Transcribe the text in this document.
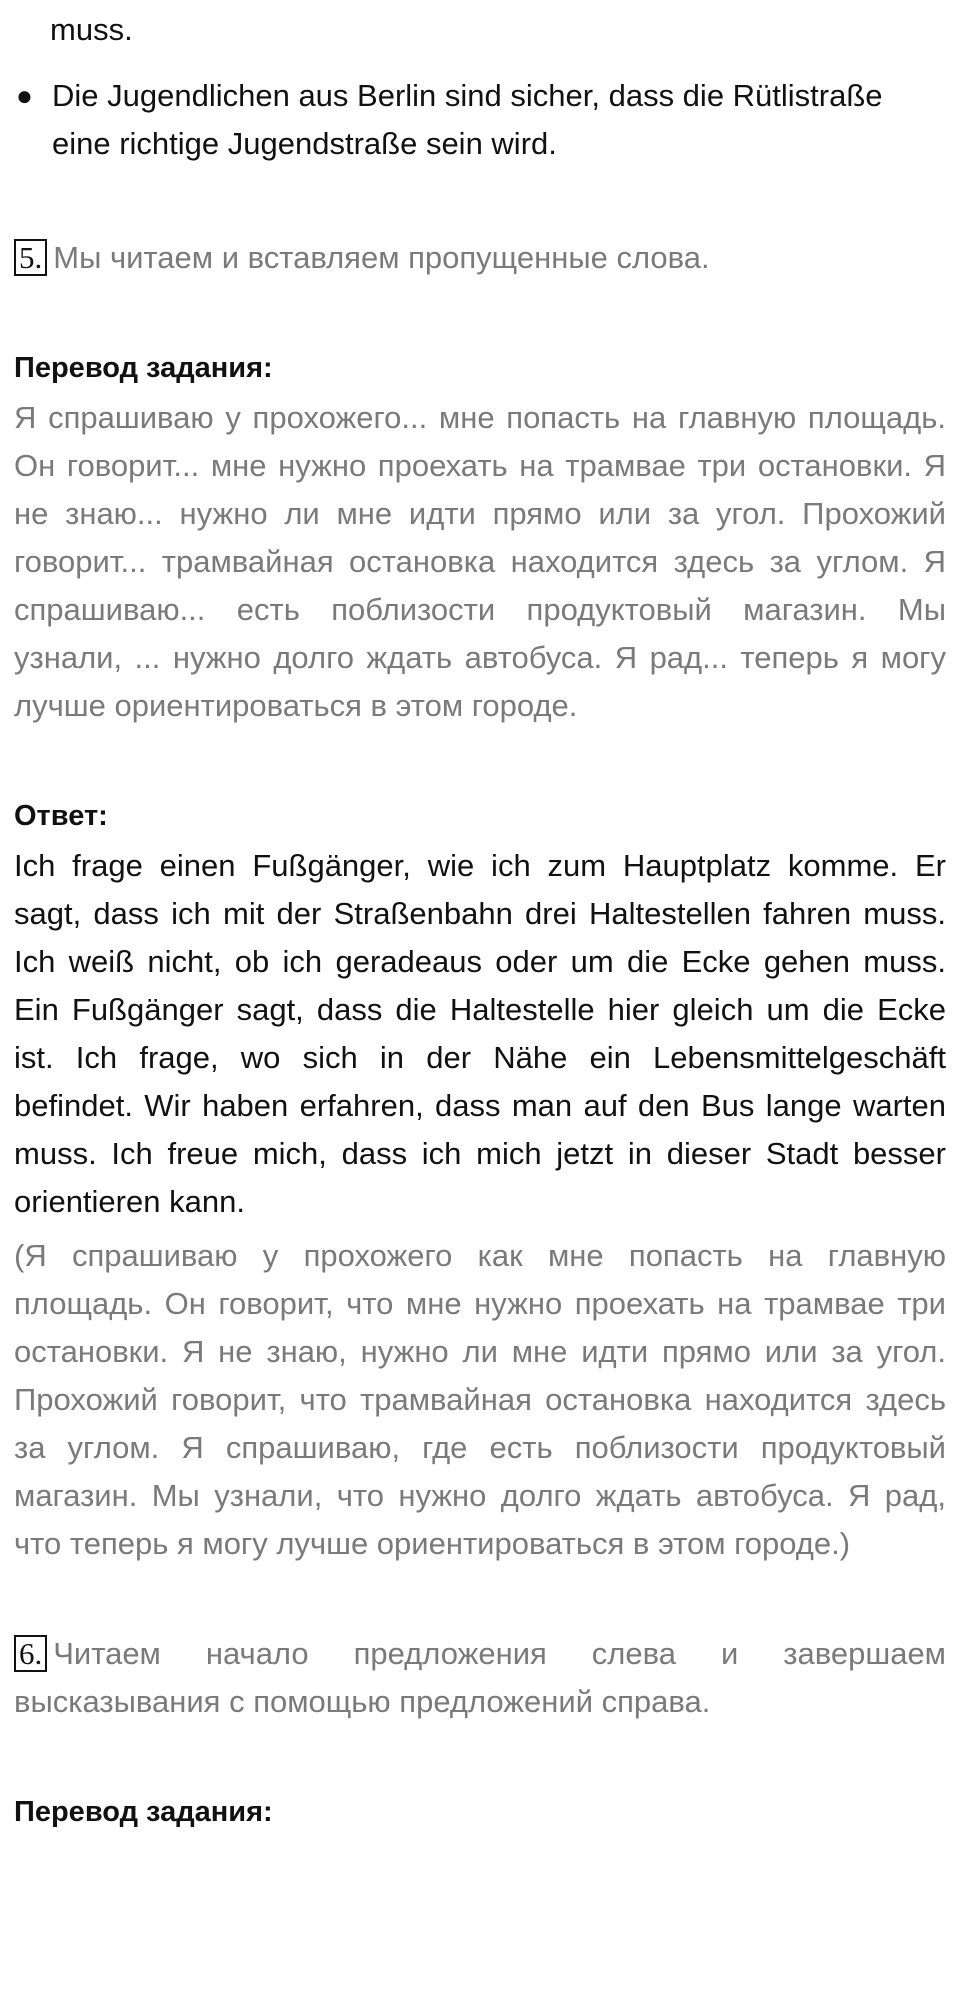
muss.

● Die Jugendlichen aus Berlin sind sicher, dass die Rütlistraße
eine richtige Jugendstraße sein wird.

5. Мы читаем и вставляем пропущенные слова.

Перевод задания:

Я спрашиваю у прохожего... мне попасть на главную площадь. Он говорит... мне нужно проехать на трамвае три остановки. Я не знаю... нужно ли мне идти прямо или за угол. Прохожий говорит... трамвайная остановка находится здесь за углом. Я спрашиваю... есть поблизости продуктовый магазин. Мы узнали, ... нужно долго ждать автобуса. Я рад... теперь я могу лучше ориентироваться в этом городе.

Ответ:

Ich frage einen Fußgänger, wie ich zum Hauptplatz komme. Er sagt, dass ich mit der Straßenbahn drei Haltestellen fahren muss. Ich weiß nicht, ob ich geradeaus oder um die Ecke gehen muss. Ein Fußgänger sagt, dass die Haltestelle hier gleich um die Ecke ist. Ich frage, wo sich in der Nähe ein Lebensmittelgeschäft befindet. Wir haben erfahren, dass man auf den Bus lange warten muss. Ich freue mich, dass ich mich jetzt in dieser Stadt besser orientieren kann.

(Я спрашиваю у прохожего как мне попасть на главную площадь. Он говорит, что мне нужно проехать на трамвае три остановки. Я не знаю, нужно ли мне идти прямо или за угол. Прохожий говорит, что трамвайная остановка находится здесь за углом. Я спрашиваю, где есть поблизости продуктовый магазин. Мы узнали, что нужно долго ждать автобуса. Я рад, что теперь я могу лучше ориентироваться в этом городе.)

6. Читаем начало предложения слева и завершаем высказывания с помощью предложений справа.

Перевод задания:
